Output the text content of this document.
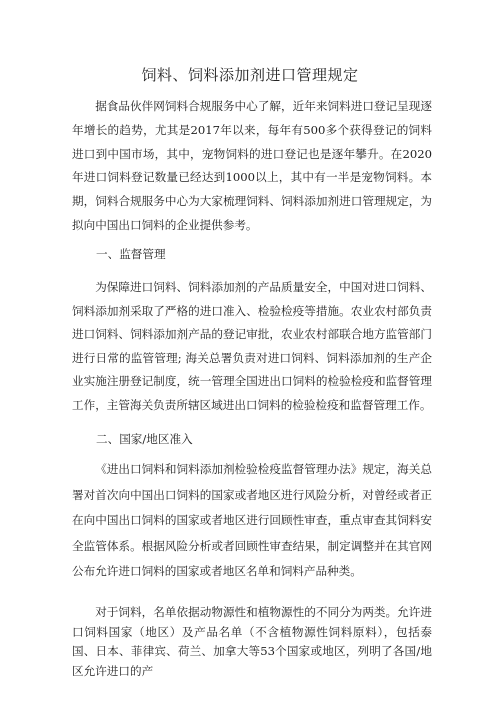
饲料、饲料添加剂进口管理规定

据食品伙伴网饲料合规服务中心了解，近年来饲料进口登记呈现逐年增长的趋势，尤其是2017年以来，每年有500多个获得登记的饲料进口到中国市场，其中，宠物饲料的进口登记也是逐年攀升。在2020年进口饲料登记数量已经达到1000以上，其中有一半是宠物饲料。本期，饲料合规服务中心为大家梳理饲料、饲料添加剂进口管理规定，为拟向中国出口饲料的企业提供参考。

一、监督管理

为保障进口饲料、饲料添加剂的产品质量安全，中国对进口饲料、饲料添加剂采取了严格的进口准入、检验检疫等措施。农业农村部负责进口饲料、饲料添加剂产品的登记审批，农业农村部联合地方监管部门进行日常的监管管理; 海关总署负责对进口饲料、饲料添加剂的生产企业实施注册登记制度，统一管理全国进出口饲料的检验检疫和监督管理工作，主管海关负责所辖区域进出口饲料的检验检疫和监督管理工作。

二、国家/地区准入

《进出口饲料和饲料添加剂检验检疫监督管理办法》规定，海关总署对首次向中国出口饲料的国家或者地区进行风险分析，对曾经或者正在向中国出口饲料的国家或者地区进行回顾性审查，重点审查其饲料安全监管体系。根据风险分析或者回顾性审查结果，制定调整并在其官网公布允许进口饲料的国家或者地区名单和饲料产品种类。

对于饲料，名单依据动物源性和植物源性的不同分为两类。允许进口饲料国家（地区）及产品名单（不含植物源性饲料原料），包括泰国、日本、菲律宾、荷兰、加拿大等53个国家或地区，列明了各国/地区允许进口的产
